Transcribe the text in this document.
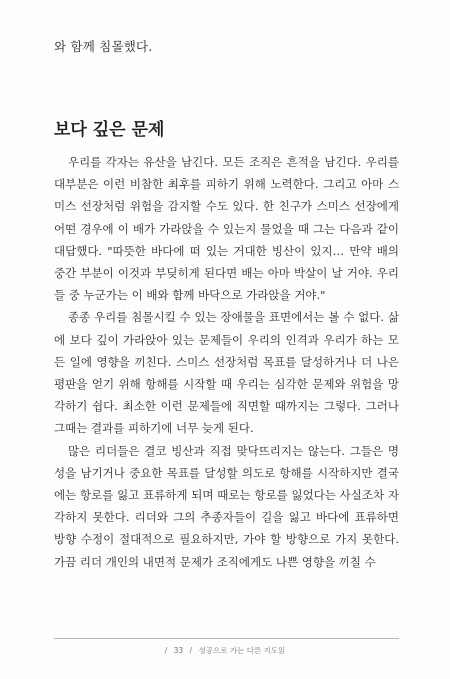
와 함께 침몰했다.
보다 깊은 문제

우리를 각자는 유산을 남긴다. 모든 조직은 흔적을 남긴다. 우리를 대부분은 이런 비참한 최후를 피하기 위해 노력한다. 그리고 아마 스미스 선장처럼 위험을 감지할 수도 있다. 한 친구가 스미스 선장에게 어떤 경우에 이 배가 가라앉을 수 있는지 물었을 때 그는 다음과 같이 대답했다. "따뜻한 바다에 떠 있는 거대한 빙산이 있지… 만약 배의 중간 부분이 이것과 부딪히게 된다면 배는 아마 박살이 날 거야. 우리들 중 누군가는 이 배와 함께 바닥으로 가라앉을 거야."

종종 우리를 침몰시킬 수 있는 장애물을 표면에서는 볼 수 없다. 삶에 보다 깊이 가라앉아 있는 문제들이 우리의 인격과 우리가 하는 모든 일에 영향을 끼친다. 스미스 선장처럼 목표를 달성하거나 더 나은 평판을 얻기 위해 항해를 시작할 때 우리는 심각한 문제와 위험을 망각하기 쉽다. 최소한 이런 문제들에 직면할 때까지는 그렇다. 그러나 그때는 결과를 피하기에 너무 늦게 된다.

많은 리더들은 결코 빙산과 직접 맞닥뜨리지는 않는다. 그들은 명성을 남기거나 중요한 목표를 달성할 의도로 항해를 시작하지만 결국에는 항로를 잃고 표류하게 되며 때로는 항로를 잃었다는 사실조차 자각하지 못한다. 리더와 그의 추종자들이 길을 잃고 바다에 표류하면 방향 수정이 절대적으로 필요하지만, 가야 할 방향으로 가지 못한다. 가끔 리더 개인의 내면적 문제가 조직에게도 나쁜 영향을 끼칠 수

/ 33 / 성공으로 가는 다른 지도읽
